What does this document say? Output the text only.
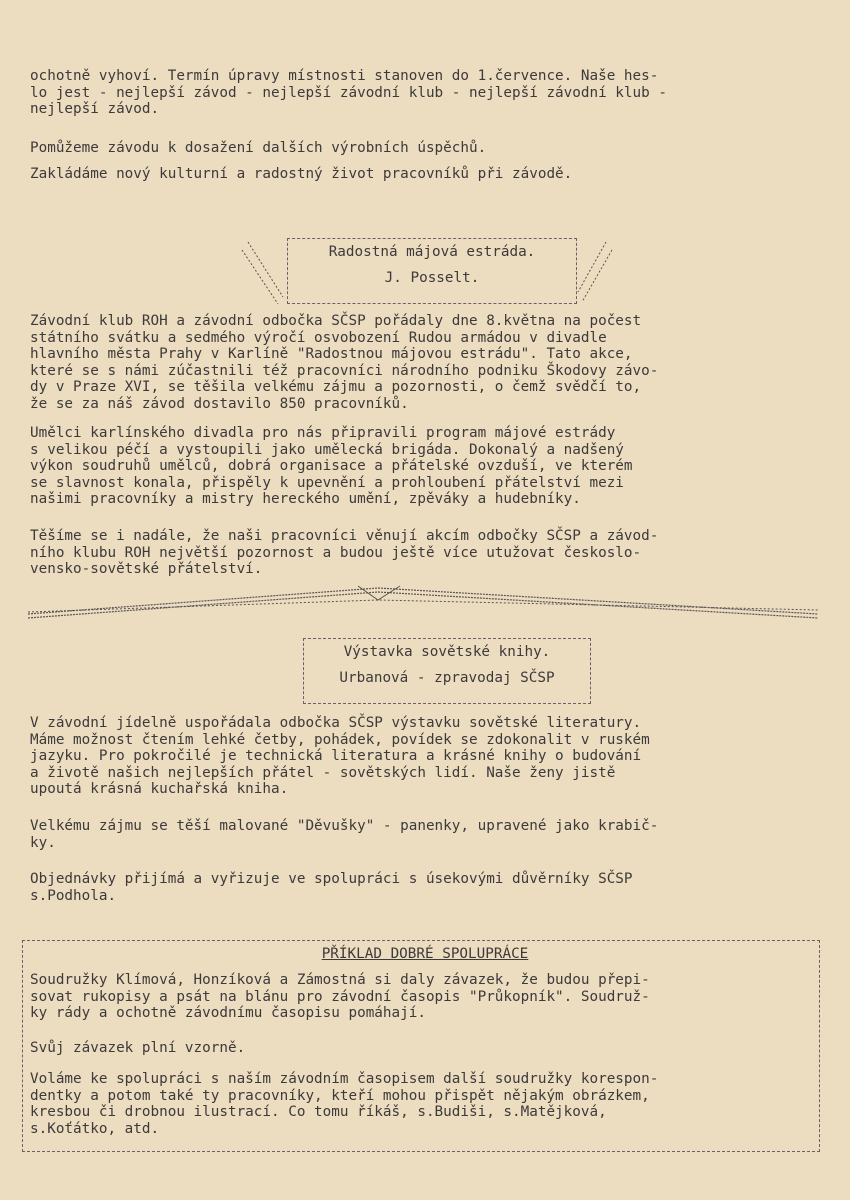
ochotně vyhoví. Termín úpravy místnosti stanoven do 1.července. Naše hes-
lo jest - nejlepší závod - nejlepší závodní klub - nejlepší závodní klub -
nejlepší závod.
Pomůžeme závodu k dosažení dalších výrobních úspěchů.
Zakládáme nový kulturní a radostný život pracovníků při závodě.
Radostná májová estráda.
J. Posselt.
Závodní klub ROH a závodní odbočka SČSP pořádaly dne 8.května na počest
státního svátku a sedmého výročí osvobození Rudou armádou v divadle
hlavního města Prahy v Karlíně "Radostnou májovou estrádu". Tato akce,
které se s námi zúčastnili též pracovníci národního podniku Škodovy závo-
dy v Praze XVI, se těšila velkému zájmu a pozornosti, o čemž svědčí to,
že se za náš závod dostavilo 850 pracovníků.
Umělci karlínského divadla pro nás připravili program májové estrády
s velikou péčí a vystoupili jako umělecká brigáda. Dokonalý a nadšený
výkon soudruhů umělců, dobrá organisace a přátelské ovzduší, ve kterém
se slavnost konala, přispěly k upevnění a prohloubení přátelství mezi
našimi pracovníky a mistry hereckého umění, zpěváky a hudebníky.
Těšíme se i nadále, že naši pracovníci věnují akcím odbočky SČSP a závod-
ního klubu ROH největší pozornost a budou ještě více utužovat českoslo-
vensko-sovětské přátelství.
Výstavka sovětské knihy.
Urbanová - zpravodaj SČSP
V závodní jídelně uspořádala odbočka SČSP výstavku sovětské literatury.
Máme možnost čtením lehké četby, pohádek, povídek se zdokonalit v ruském
jazyku. Pro pokročilé je technická literatura a krásné knihy o budování
a životě našich nejlepších přátel - sovětských lidí. Naše ženy jistě
upoutá krásná kuchařská kniha.
Velkému zájmu se těší malované "Děvušky" - panenky, upravené jako krabič-
ky.
Objednávky přijímá a vyřizuje ve spolupráci s úsekovými důvěrníky SČSP
s.Podhola.
PŘÍKLAD DOBRÉ SPOLUPRÁCE
Soudružky Klímová, Honzíková a Zámostná si daly závazek, že budou přepi-
sovat rukopisy a psát na blánu pro závodní časopis "Průkopník". Soudruž-
ky rády a ochotně závodnímu časopisu pomáhají.
Svůj závazek plní vzorně.
Voláme ke spolupráci s naším závodním časopisem další soudružky korespon-
dentky a potom také ty pracovníky, kteří mohou přispět nějakým obrázkem,
kresbou či drobnou ilustrací. Co tomu říkáš, s.Budiši, s.Matějková,
s.Koťátko, atd.
